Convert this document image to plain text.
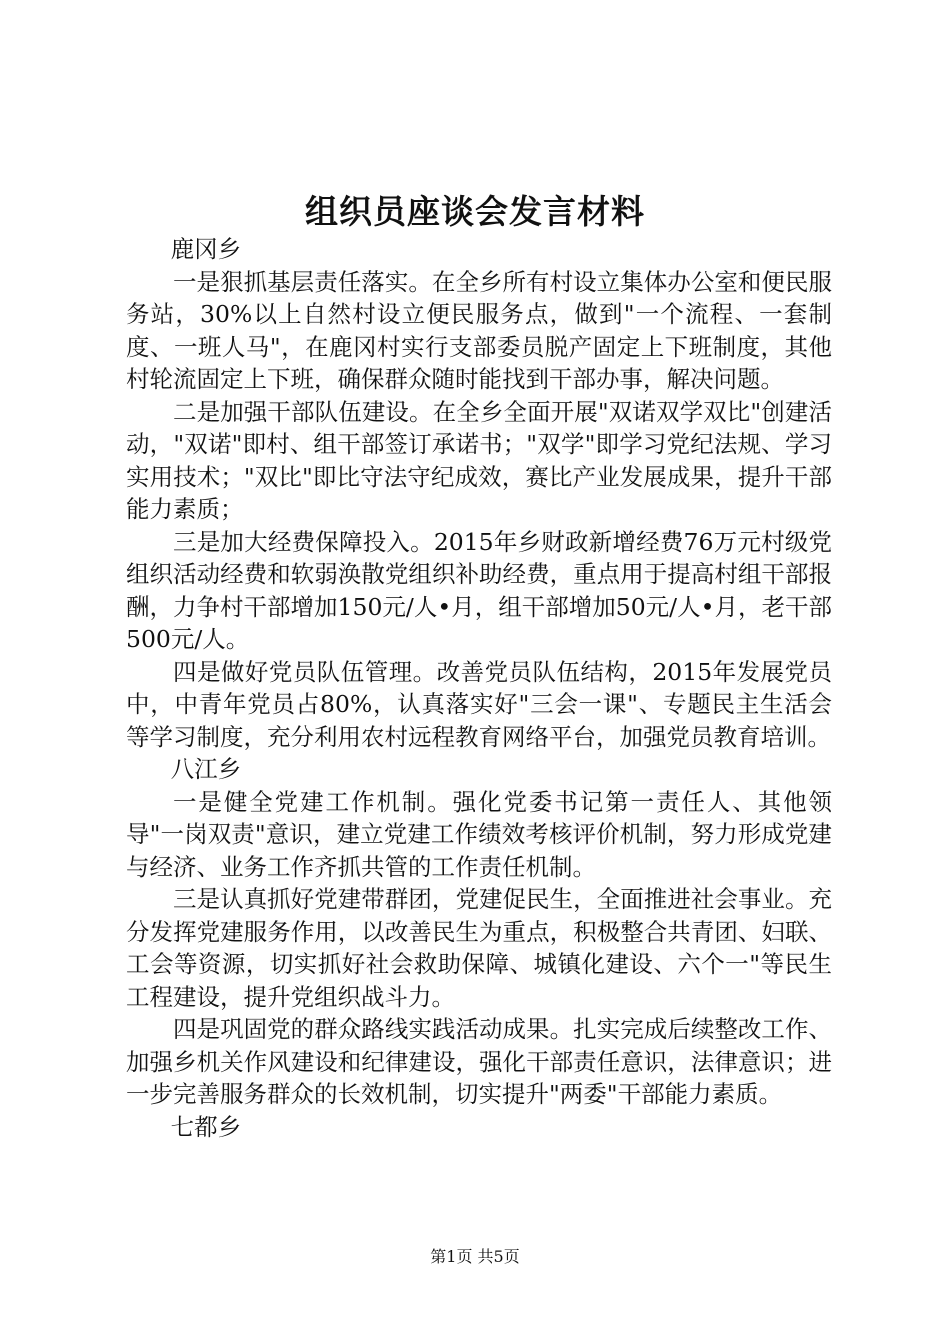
组织员座谈会发言材料

鹿冈乡

一是狠抓基层责任落实。在全乡所有村设立集体办公室和便民服务站，30%以上自然村设立便民服务点，做到"一个流程、一套制度、一班人马"，在鹿冈村实行支部委员脱产固定上下班制度，其他村轮流固定上下班，确保群众随时能找到干部办事，解决问题。

二是加强干部队伍建设。在全乡全面开展"双诺双学双比"创建活动，"双诺"即村、组干部签订承诺书；"双学"即学习党纪法规、学习实用技术；"双比"即比守法守纪成效，赛比产业发展成果，提升干部能力素质；

三是加大经费保障投入。2015年乡财政新增经费76万元村级党组织活动经费和软弱涣散党组织补助经费，重点用于提高村组干部报酬，力争村干部增加150元/人•月，组干部增加50元/人•月，老干部500元/人。

四是做好党员队伍管理。改善党员队伍结构，2015年发展党员中，中青年党员占80%，认真落实好"三会一课"、专题民主生活会等学习制度，充分利用农村远程教育网络平台，加强党员教育培训。

八江乡

一是健全党建工作机制。强化党委书记第一责任人、其他领导"一岗双责"意识，建立党建工作绩效考核评价机制，努力形成党建与经济、业务工作齐抓共管的工作责任机制。

三是认真抓好党建带群团，党建促民生，全面推进社会事业。充分发挥党建服务作用，以改善民生为重点，积极整合共青团、妇联、工会等资源，切实抓好社会救助保障、城镇化建设、六个一"等民生工程建设，提升党组织战斗力。

四是巩固党的群众路线实践活动成果。扎实完成后续整改工作、加强乡机关作风建设和纪律建设，强化干部责任意识，法律意识；进一步完善服务群众的长效机制，切实提升"两委"干部能力素质。

七都乡

第1页 共5页
